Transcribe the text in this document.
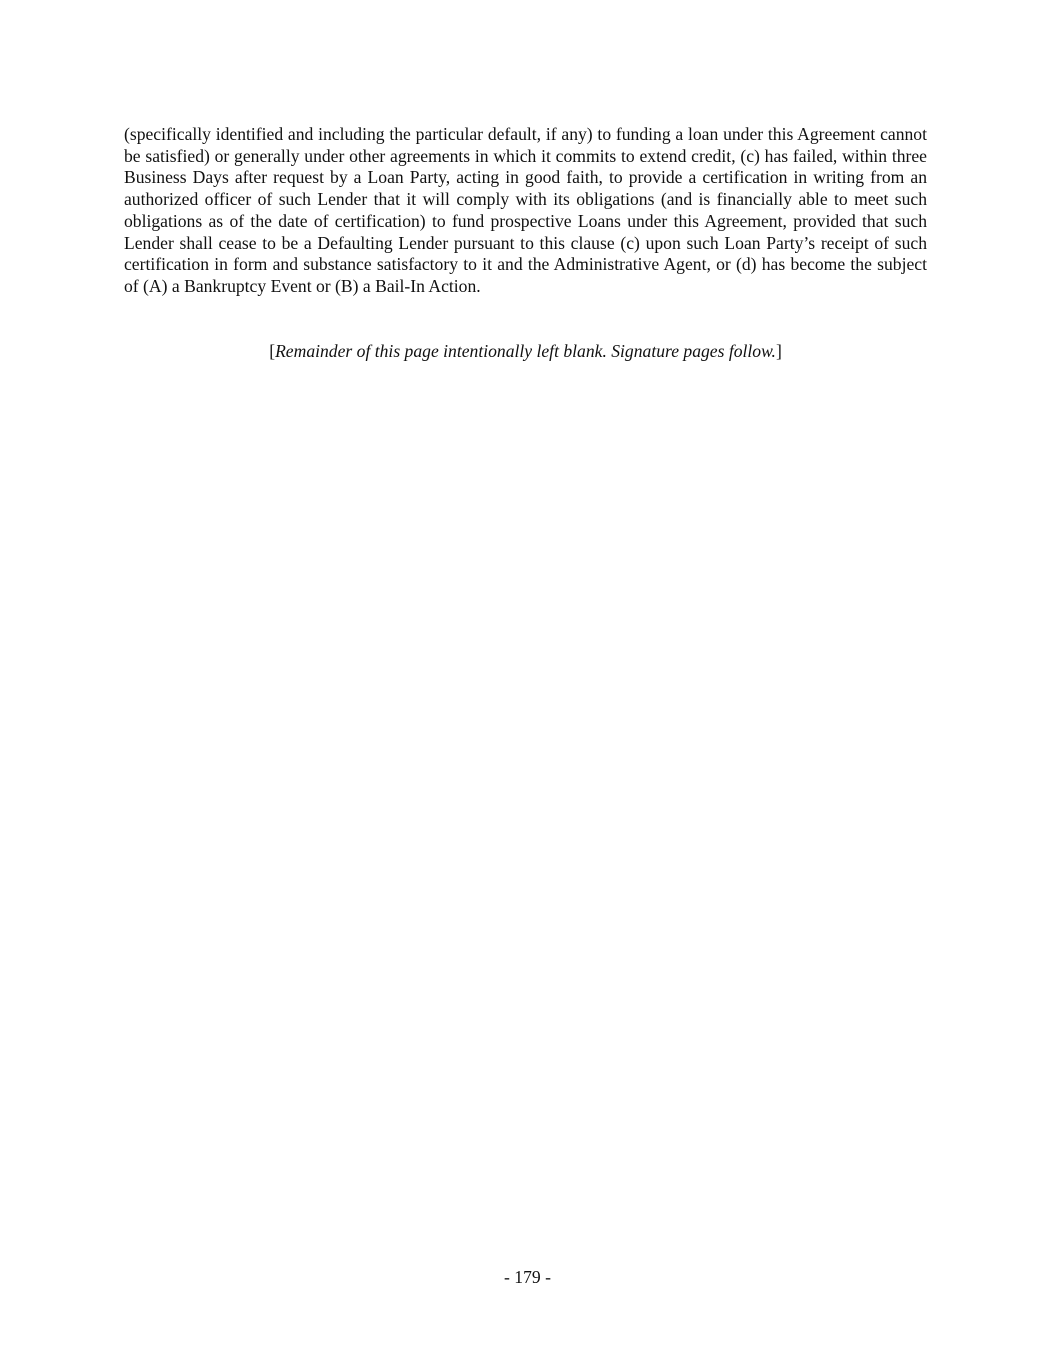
(specifically identified and including the particular default, if any) to funding a loan under this Agreement cannot be satisfied) or generally under other agreements in which it commits to extend credit, (c) has failed, within three Business Days after request by a Loan Party, acting in good faith, to provide a certification in writing from an authorized officer of such Lender that it will comply with its obligations (and is financially able to meet such obligations as of the date of certification) to fund prospective Loans under this Agreement, provided that such Lender shall cease to be a Defaulting Lender pursuant to this clause (c) upon such Loan Party’s receipt of such certification in form and substance satisfactory to it and the Administrative Agent, or (d) has become the subject of (A) a Bankruptcy Event or (B) a Bail-In Action.

[Remainder of this page intentionally left blank. Signature pages follow.]

- 179 -
